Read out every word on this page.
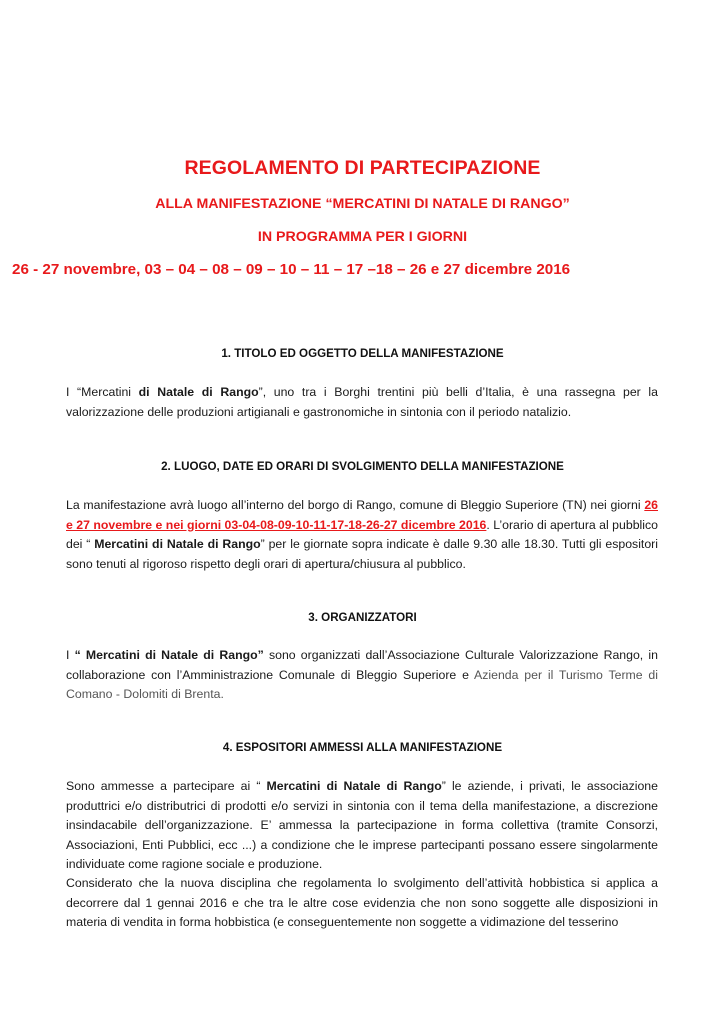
REGOLAMENTO DI PARTECIPAZIONE
ALLA MANIFESTAZIONE “MERCATINI DI NATALE DI RANGO”
IN PROGRAMMA PER I GIORNI
26 - 27 novembre, 03 – 04 – 08 – 09 – 10 – 11 – 17 –18 – 26 e 27 dicembre 2016
1. TITOLO ED OGGETTO DELLA MANIFESTAZIONE
I “Mercatini di Natale di Rango”, uno tra i Borghi trentini più belli d’Italia, è una rassegna per la valorizzazione delle produzioni artigianali e gastronomiche in sintonia con il periodo natalizio.
2. LUOGO, DATE ED ORARI DI SVOLGIMENTO DELLA MANIFESTAZIONE
La manifestazione avrà luogo all’interno del borgo di Rango, comune di Bleggio Superiore (TN) nei giorni 26 e 27 novembre e nei giorni 03-04-08-09-10-11-17-18-26-27 dicembre 2016. L’orario di apertura al pubblico dei “ Mercatini di Natale di Rango” per le giornate sopra indicate è dalle 9.30 alle 18.30. Tutti gli espositori sono tenuti al rigoroso rispetto degli orari di apertura/chiusura al pubblico.
3. ORGANIZZATORI
I “ Mercatini di Natale di Rango” sono organizzati dall’Associazione Culturale Valorizzazione Rango, in collaborazione con l’Amministrazione Comunale di Bleggio Superiore e Azienda per il Turismo Terme di Comano - Dolomiti di Brenta.
4. ESPOSITORI AMMESSI ALLA MANIFESTAZIONE
Sono ammesse a partecipare ai “ Mercatini di Natale di Rango” le aziende, i privati, le associazione produttrici e/o distributrici di prodotti e/o servizi in sintonia con il tema della manifestazione, a discrezione insindacabile dell’organizzazione. E’ ammessa la partecipazione in forma collettiva (tramite Consorzi, Associazioni, Enti Pubblici, ecc ...) a condizione che le imprese partecipanti possano essere singolarmente individuate come ragione sociale e produzione.
Considerato che la nuova disciplina che regolamenta lo svolgimento dell’attività hobbistica si applica a decorrere dal 1 gennai 2016 e che tra le altre cose evidenzia che non sono soggette alle disposizioni in materia di vendita in forma hobbistica (e conseguentemente non soggette a vidimazione del tesserino
